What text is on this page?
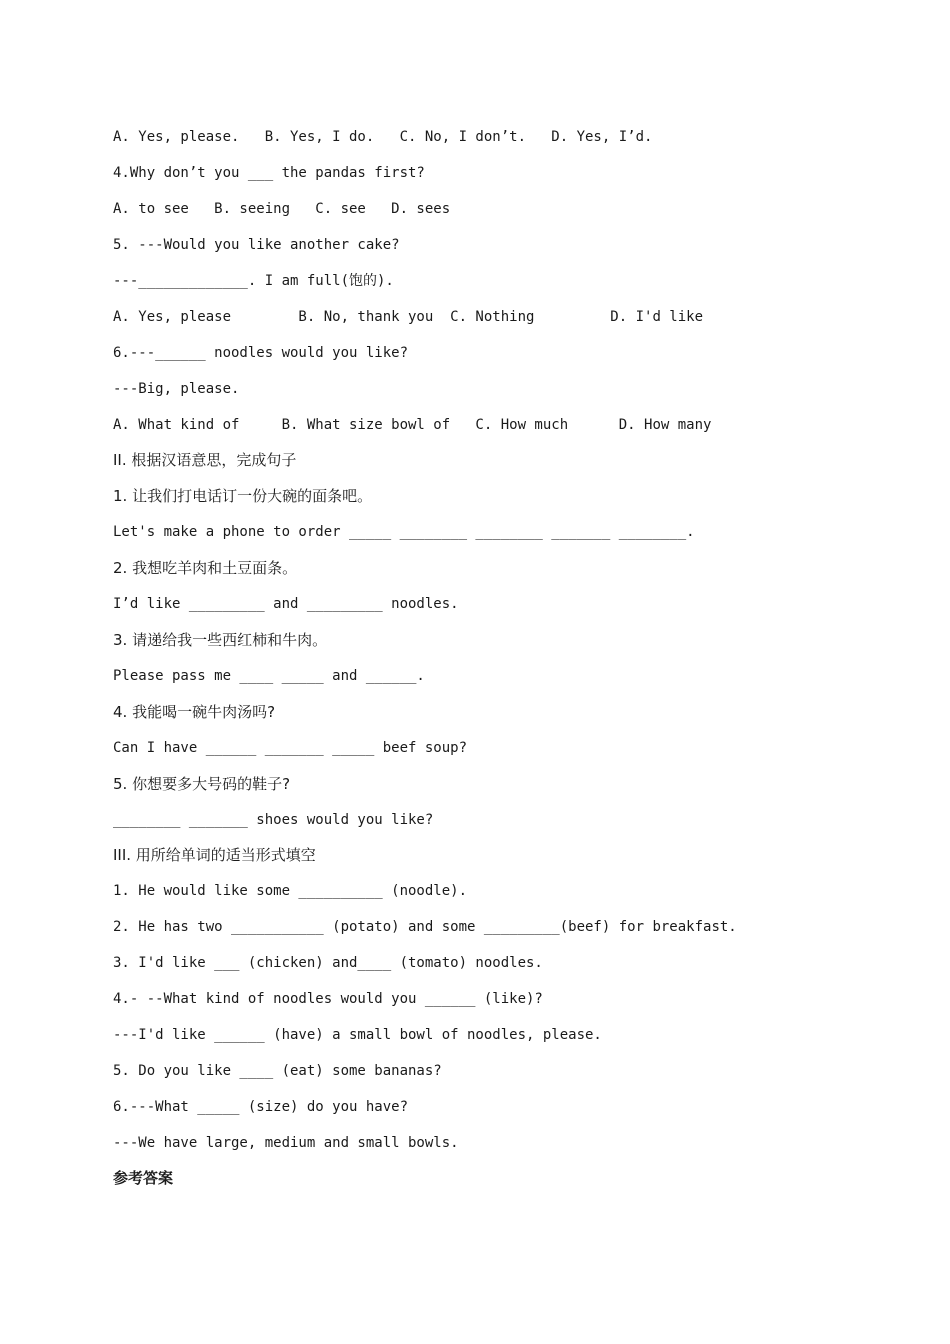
A. Yes, please.   B. Yes, I do.   C. No, I don’t.   D. Yes, I’d.
4.Why don’t you ___ the pandas first?
A. to see   B. seeing   C. see   D. sees
5. ---Would you like another cake?
---_____________. I am full(饱的).
A. Yes, please        B. No, thank you  C. Nothing         D. I'd like
6.---______ noodles would you like?
---Big, please.
A. What kind of     B. What size bowl of   C. How much      D. How many
II. 根据汉语意思，完成句子
1. 让我们打电话订一份大碗的面条吧。
Let's make a phone to order _____ ________ ________ _______ ________.
2. 我想吃羊肉和土豆面条。
I’d like _________ and _________ noodles.
3. 请递给我一些西红柿和牛肉。
Please pass me ____ _____ and ______.
4. 我能喝一碗牛肉汤吗?
Can I have ______ _______ _____ beef soup?
5. 你想要多大号码的鞋子?
________ _______ shoes would you like?
III. 用所给单词的适当形式填空
1. He would like some __________ (noodle).
2. He has two ___________ (potato) and some _________(beef) for breakfast.
3. I'd like ___ (chicken) and____ (tomato) noodles.
4.- --What kind of noodles would you ______ (like)?
---I'd like ______ (have) a small bowl of noodles, please.
5. Do you like ____ (eat) some bananas?
6.---What _____ (size) do you have?
---We have large, medium and small bowls.
参考答案
